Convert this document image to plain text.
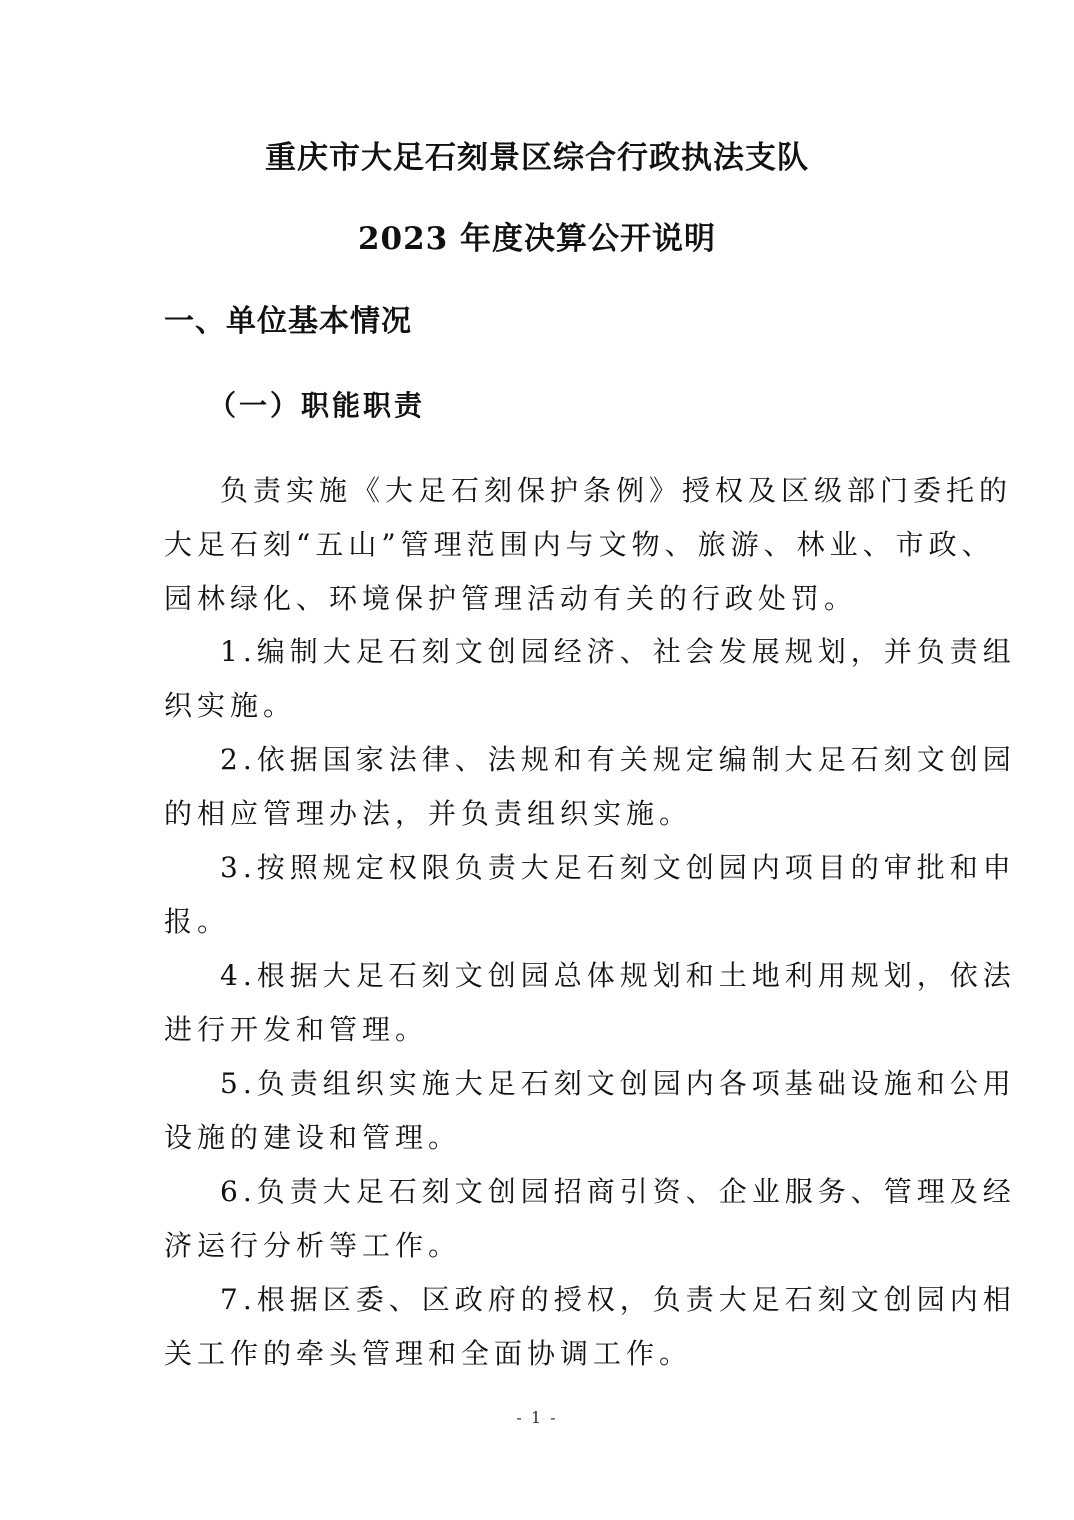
重庆市大足石刻景区综合行政执法支队
2023 年度决算公开说明
一、单位基本情况
（一）职能职责
负责实施《大足石刻保护条例》授权及区级部门委托的
大足石刻“五山”管理范围内与文物、旅游、林业、市政、
园林绿化、环境保护管理活动有关的行政处罚。
1.编制大足石刻文创园经济、社会发展规划，并负责组
织实施。
2.依据国家法律、法规和有关规定编制大足石刻文创园
的相应管理办法，并负责组织实施。
3.按照规定权限负责大足石刻文创园内项目的审批和申
报。
4.根据大足石刻文创园总体规划和土地利用规划，依法
进行开发和管理。
5.负责组织实施大足石刻文创园内各项基础设施和公用
设施的建设和管理。
6.负责大足石刻文创园招商引资、企业服务、管理及经
济运行分析等工作。
7.根据区委、区政府的授权，负责大足石刻文创园内相
关工作的牵头管理和全面协调工作。
- 1 -
